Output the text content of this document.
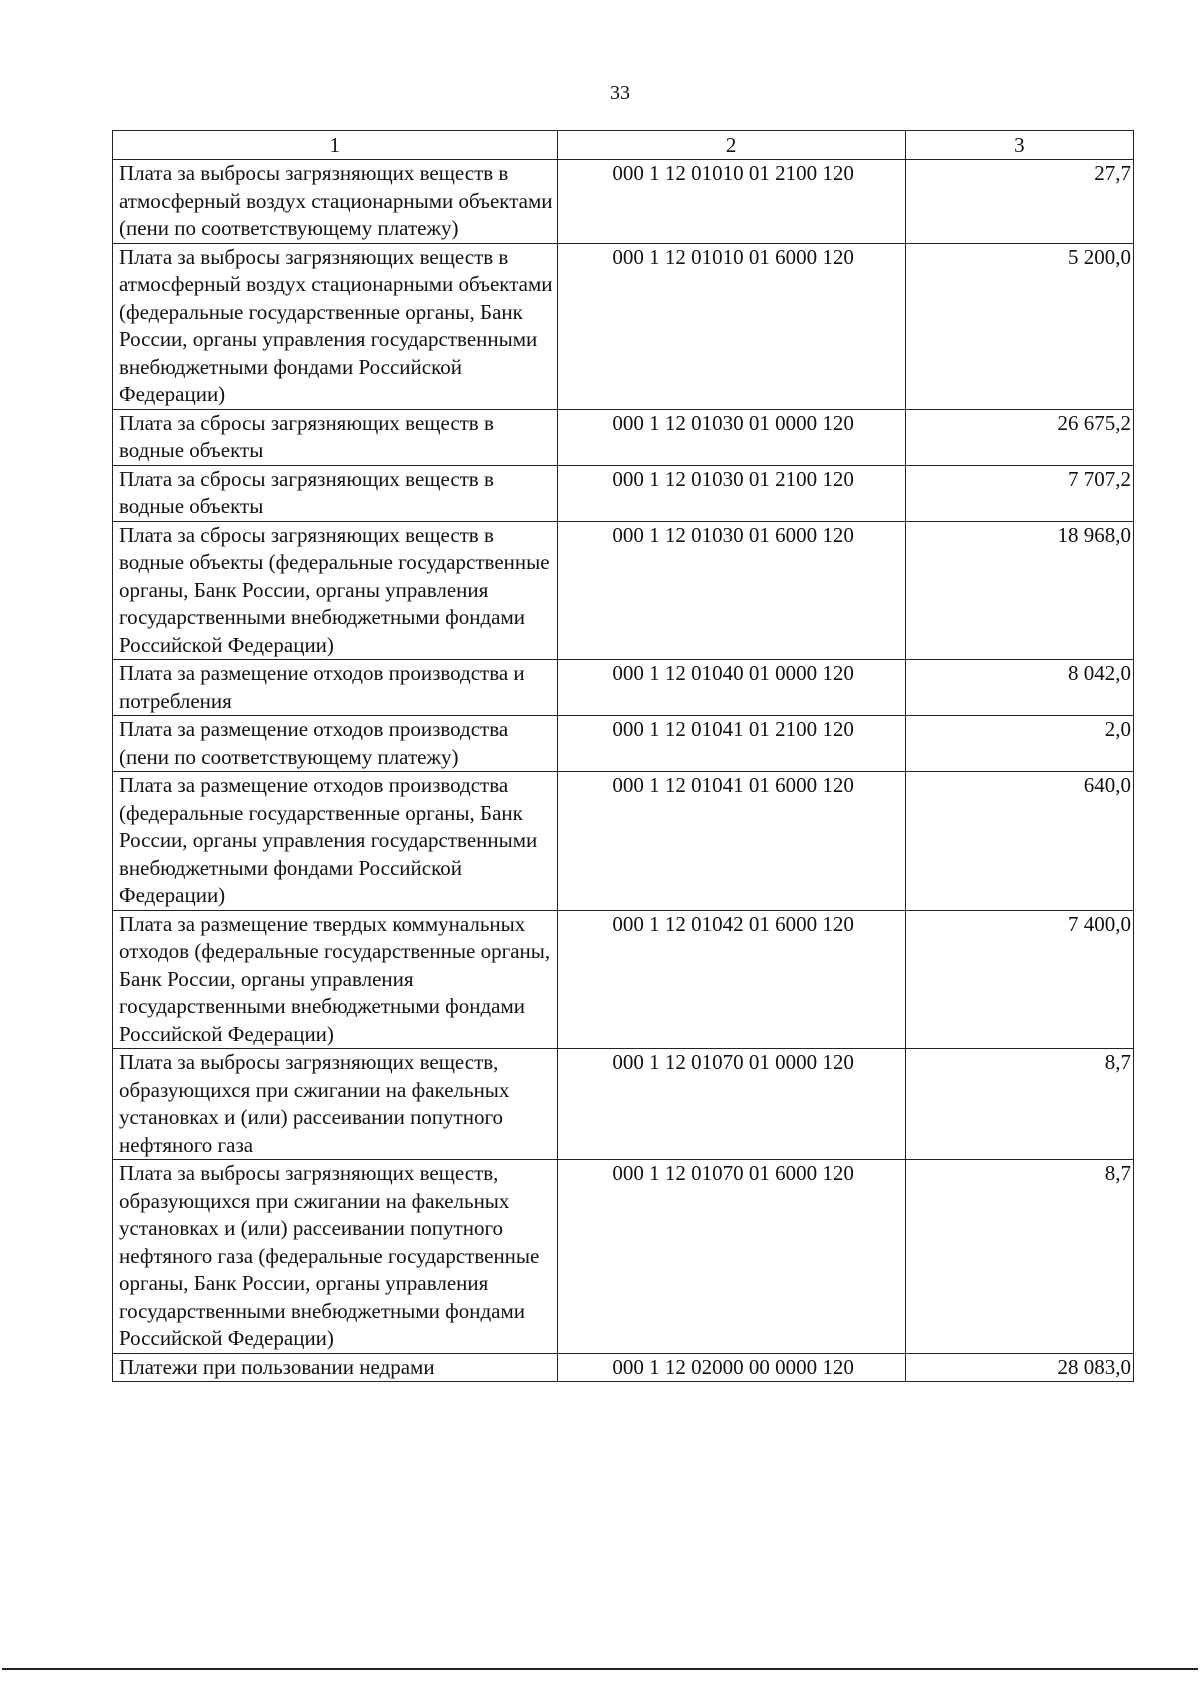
33
1	2	3
Плата за выбросы загрязняющих веществ в атмосферный воздух стационарными объектами (пени по соответствующему платежу)	000 1 12 01010 01 2100 120	27,7
Плата за выбросы загрязняющих веществ в атмосферный воздух стационарными объектами (федеральные государственные органы, Банк России, органы управления государственными внебюджетными фондами Российской Федерации)	000 1 12 01010 01 6000 120	5 200,0
Плата за сбросы загрязняющих веществ в водные объекты	000 1 12 01030 01 0000 120	26 675,2
Плата за сбросы загрязняющих веществ в водные объекты	000 1 12 01030 01 2100 120	7 707,2
Плата за сбросы загрязняющих веществ в водные объекты (федеральные государственные органы, Банк России, органы управления государственными внебюджетными фондами Российской Федерации)	000 1 12 01030 01 6000 120	18 968,0
Плата за размещение отходов производства и потребления	000 1 12 01040 01 0000 120	8 042,0
Плата за размещение отходов производства (пени по соответствующему платежу)	000 1 12 01041 01 2100 120	2,0
Плата за размещение отходов производства (федеральные государственные органы, Банк России, органы управления государственными внебюджетными фондами Российской Федерации)	000 1 12 01041 01 6000 120	640,0
Плата за размещение твердых коммунальных отходов (федеральные государственные органы, Банк России, органы управления государственными внебюджетными фондами Российской Федерации)	000 1 12 01042 01 6000 120	7 400,0
Плата за выбросы загрязняющих веществ, образующихся при сжигании на факельных установках и (или) рассеивании попутного нефтяного газа	000 1 12 01070 01 0000 120	8,7
Плата за выбросы загрязняющих веществ, образующихся при сжигании на факельных установках и (или) рассеивании попутного нефтяного газа (федеральные государственные органы, Банк России, органы управления государственными внебюджетными фондами Российской Федерации)	000 1 12 01070 01 6000 120	8,7
Платежи при пользовании недрами	000 1 12 02000 00 0000 120	28 083,0
